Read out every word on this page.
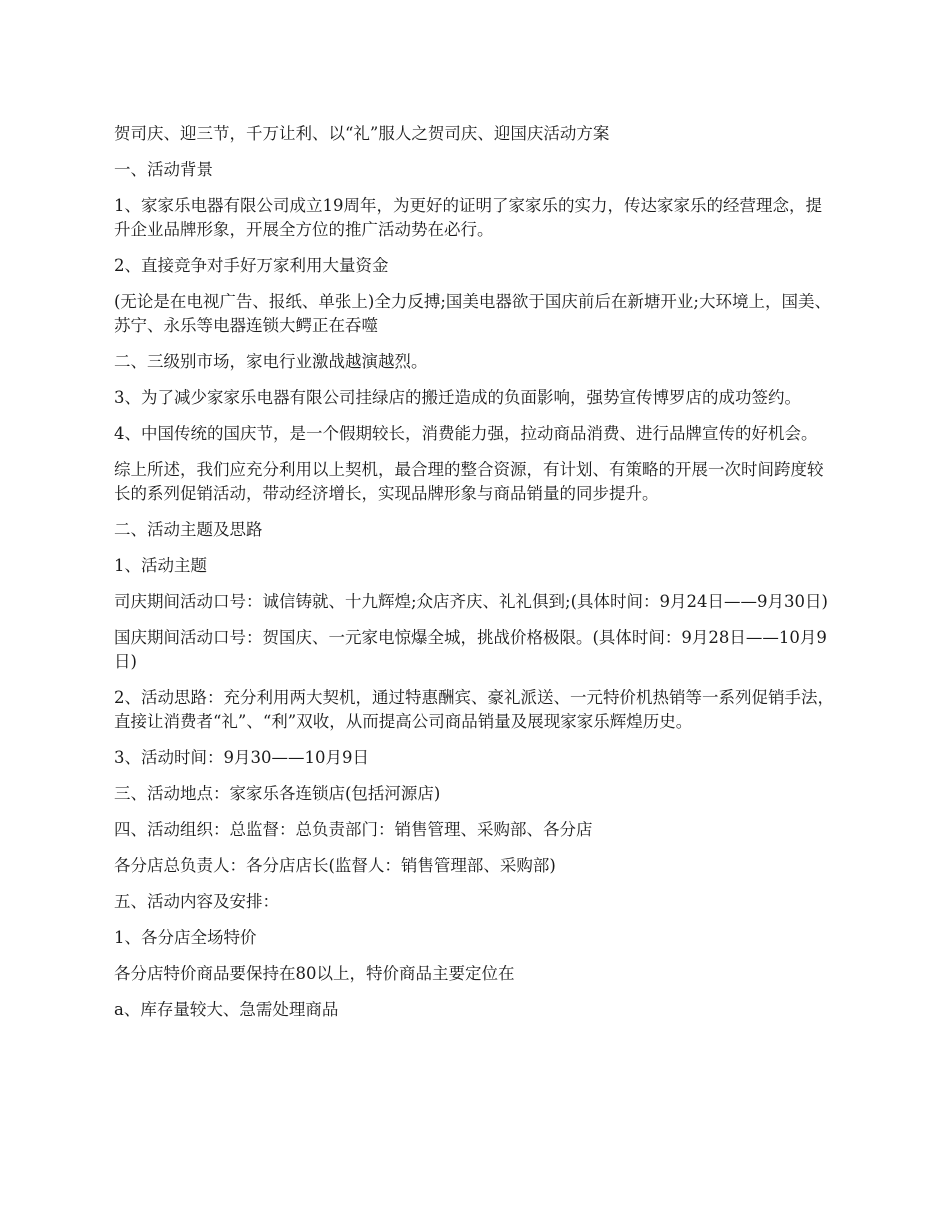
贺司庆、迎三节，千万让利、以“礼”服人之贺司庆、迎国庆活动方案

一、活动背景

1、家家乐电器有限公司成立19周年，为更好的证明了家家乐的实力，传达家家乐的经营理念，提升企业品牌形象，开展全方位的推广活动势在必行。

2、直接竞争对手好万家利用大量资金

(无论是在电视广告、报纸、单张上)全力反搏;国美电器欲于国庆前后在新塘开业;大环境上，国美、苏宁、永乐等电器连锁大鳄正在吞噬

二、三级别市场，家电行业激战越演越烈。

3、为了减少家家乐电器有限公司挂绿店的搬迁造成的负面影响，强势宣传博罗店的成功签约。

4、中国传统的国庆节，是一个假期较长，消费能力强，拉动商品消费、进行品牌宣传的好机会。

综上所述，我们应充分利用以上契机，最合理的整合资源，有计划、有策略的开展一次时间跨度较长的系列促销活动，带动经济增长，实现品牌形象与商品销量的同步提升。

二、活动主题及思路

1、活动主题

司庆期间活动口号：诚信铸就、十九辉煌;众店齐庆、礼礼俱到;(具体时间：9月24日——9月30日)

国庆期间活动口号：贺国庆、一元家电惊爆全城，挑战价格极限。(具体时间：9月28日——10月9日)

2、活动思路：充分利用两大契机，通过特惠酬宾、豪礼派送、一元特价机热销等一系列促销手法，直接让消费者“礼”、“利”双收，从而提高公司商品销量及展现家家乐辉煌历史。

3、活动时间：9月30——10月9日

三、活动地点：家家乐各连锁店(包括河源店)

四、活动组织：总监督：总负责部门：销售管理、采购部、各分店

各分店总负责人：各分店店长(监督人：销售管理部、采购部)

五、活动内容及安排：

1、各分店全场特价

各分店特价商品要保持在80以上，特价商品主要定位在

a、库存量较大、急需处理商品
